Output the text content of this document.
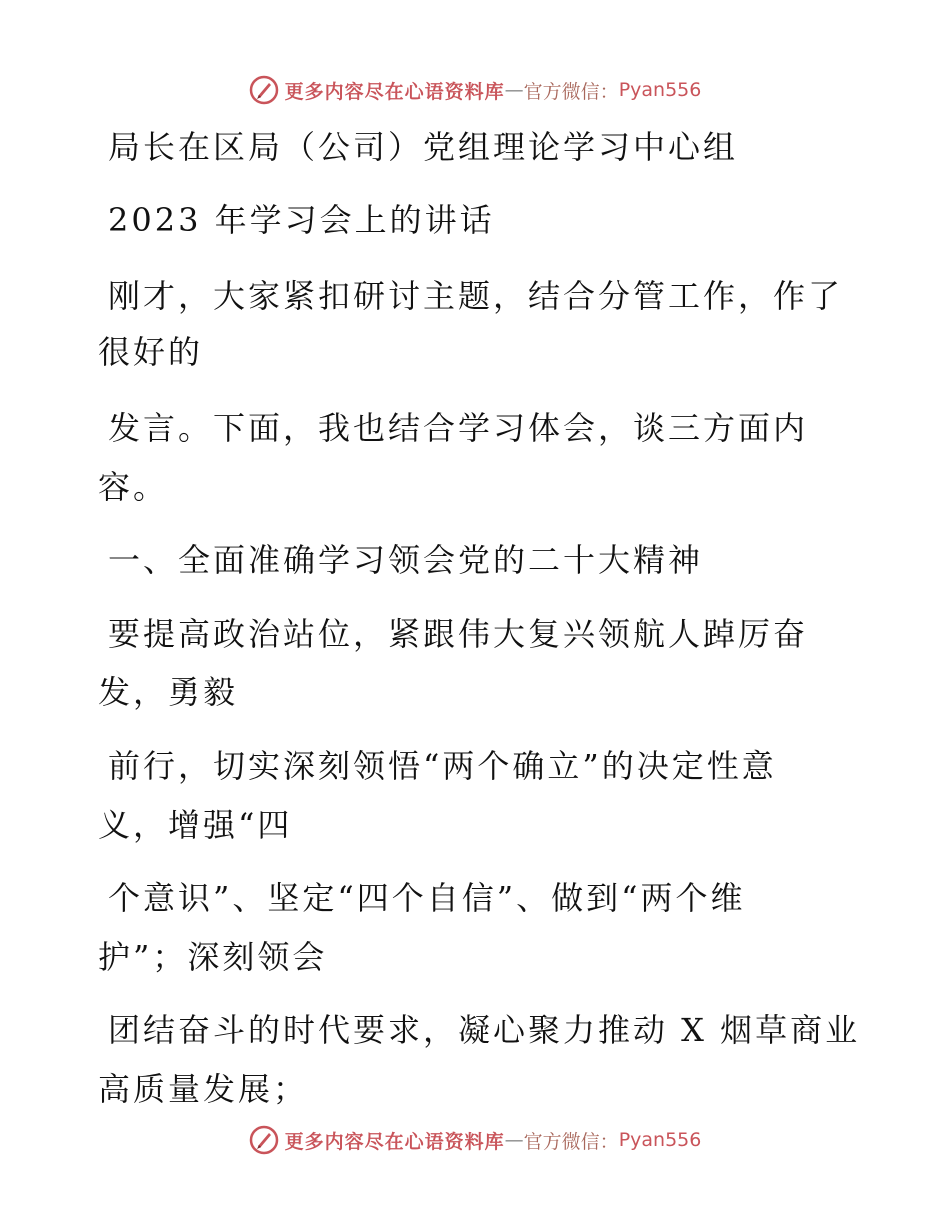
更多内容尽在心语资料库 — 官方微信： Pyan556
局长在区局（公司）党组理论学习中心组
2023 年学习会上的讲话
刚才，大家紧扣研讨主题，结合分管工作，作了
很好的
发言。下面，我也结合学习体会，谈三方面内
容。
一、全面准确学习领会党的二十大精神
要提高政治站位，紧跟伟大复兴领航人踔厉奋
发，勇毅
前行，切实深刻领悟“两个确立”的决定性意
义，增强“四
个意识”、坚定“四个自信”、做到“两个维
护”；深刻领会
团结奋斗的时代要求，凝心聚力推动 X 烟草商业
高质量发展；
更多内容尽在心语资料库 — 官方微信： Pyan556
